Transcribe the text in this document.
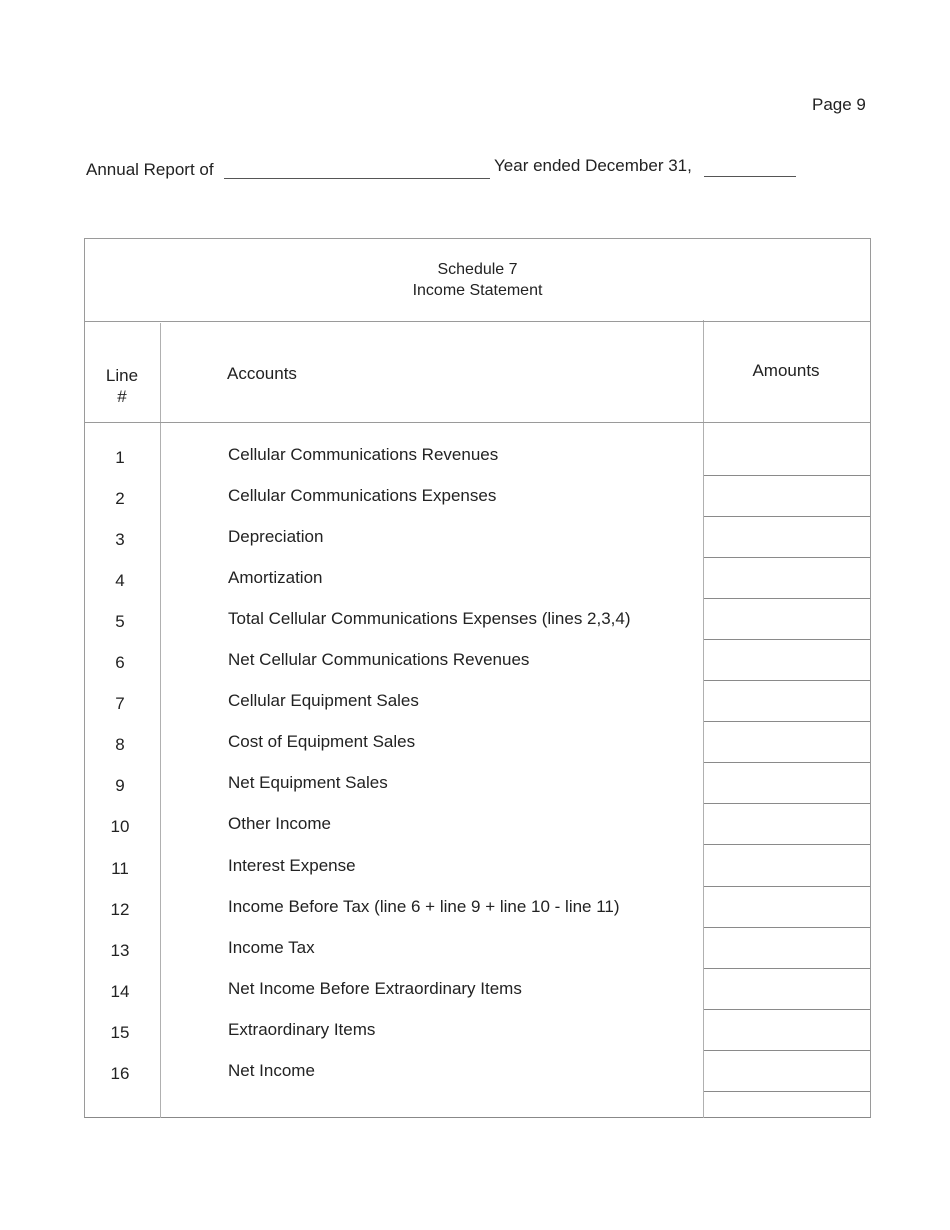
Page 9
Annual Report of	Year ended December 31,
Schedule 7
Income Statement
Line
#
Accounts	Amounts
1	Cellular Communications Revenues
2	Cellular Communications Expenses
3	Depreciation
4	Amortization
5	Total Cellular Communications Expenses (lines 2,3,4)
6	Net Cellular Communications Revenues
7	Cellular Equipment Sales
8	Cost of Equipment Sales
9	Net Equipment Sales
10	Other Income
11	Interest Expense
12	Income Before Tax (line 6 + line 9 + line 10 - line 11)
13	Income Tax
14	Net Income Before Extraordinary Items
15	Extraordinary Items
16	Net Income
